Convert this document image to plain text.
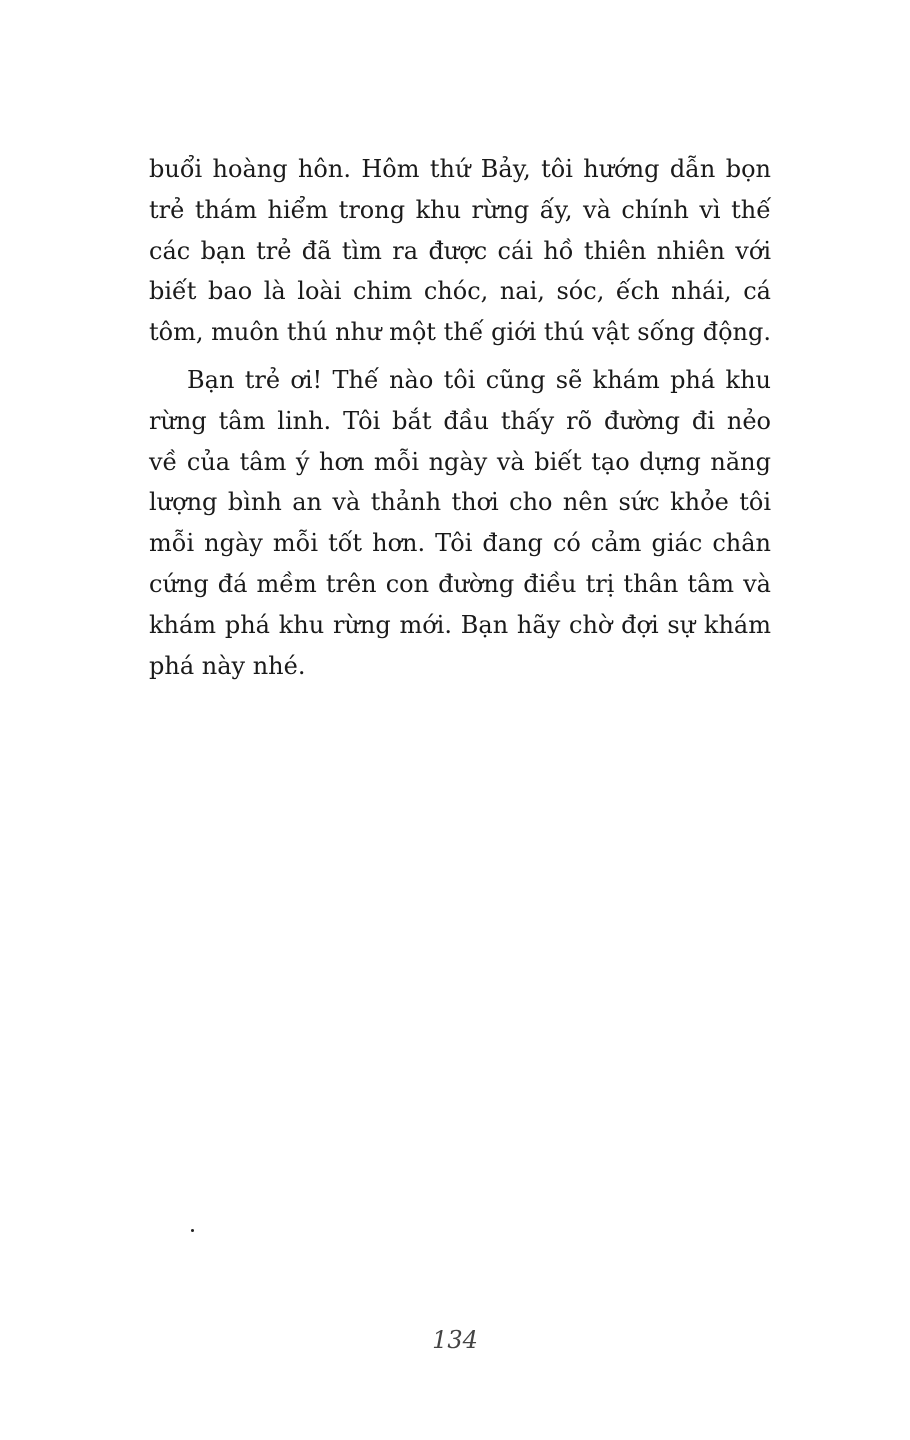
buổi hoàng hôn. Hôm thứ Bảy, tôi hướng dẫn bọn
trẻ thám hiểm trong khu rừng ấy, và chính vì thế
các bạn trẻ đã tìm ra được cái hồ thiên nhiên với
biết bao là loài chim chóc, nai, sóc, ếch nhái, cá
tôm, muôn thú như một thế giới thú vật sống động.
Bạn trẻ ơi! Thế nào tôi cũng sẽ khám phá khu
rừng tâm linh. Tôi bắt đầu thấy rõ đường đi nẻo
về của tâm ý hơn mỗi ngày và biết tạo dựng năng
lượng bình an và thảnh thơi cho nên sức khỏe tôi
mỗi ngày mỗi tốt hơn. Tôi đang có cảm giác chân
cứng đá mềm trên con đường điều trị thân tâm và
khám phá khu rừng mới. Bạn hãy chờ đợi sự khám
phá này nhé.
134
